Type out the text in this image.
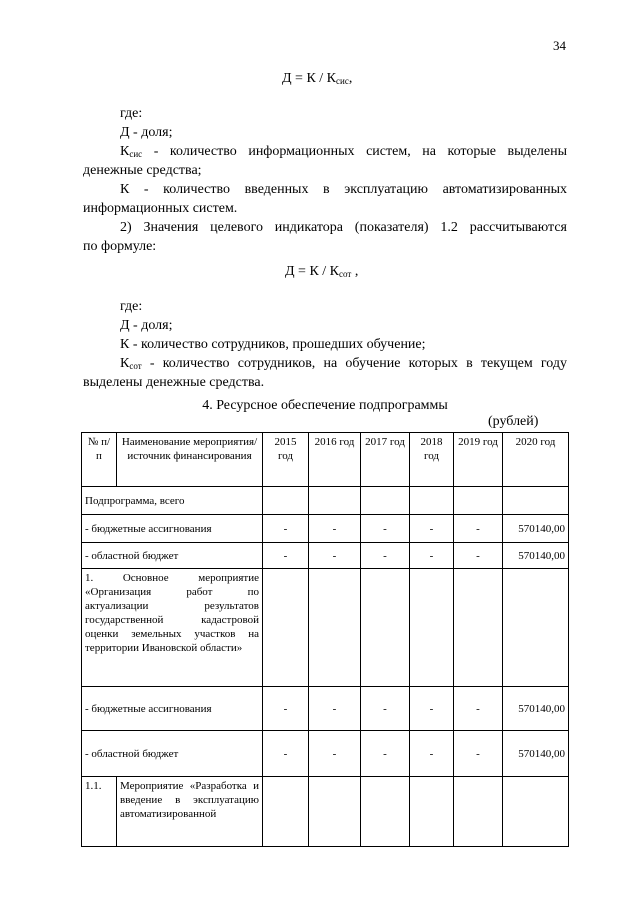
34
$Д = К / К_{сис}$,
где:
Д - доля;
$К_{сис}$ - количество информационных систем, на которые выделены
денежные средства;
К - количество введенных в эксплуатацию автоматизированных
информационных систем.
2) Значения целевого индикатора (показателя) 1.2 рассчитываются
по формуле:
$Д = К / К_{сот}$ ,
где:
Д - доля;
К - количество сотрудников, прошедших обучение;
$К_{сот}$ - количество сотрудников, на обучение которых в текущем году
выделены денежные средства.
4. Ресурсное обеспечение подпрограммы
(рублей)
№ п/п	Наименование мероприятия/источник финансирования	2015 год	2016 год	2017 год	2018 год	2019 год	2020 год
Подпрограмма, всего							
- бюджетные ассигнования		-	-	-	-	-	570140,00
- областной бюджет		-	-	-	-	-	570140,00
1. Основное мероприятие «Организация работ по актуализации результатов государственной кадастровой оценки земельных участков на территории Ивановской области»							
- бюджетные ассигнования		-	-	-	-	-	570140,00
- областной бюджет		-	-	-	-	-	570140,00
1.1.	Мероприятие «Разработка и введение в эксплуатацию автоматизированной						
